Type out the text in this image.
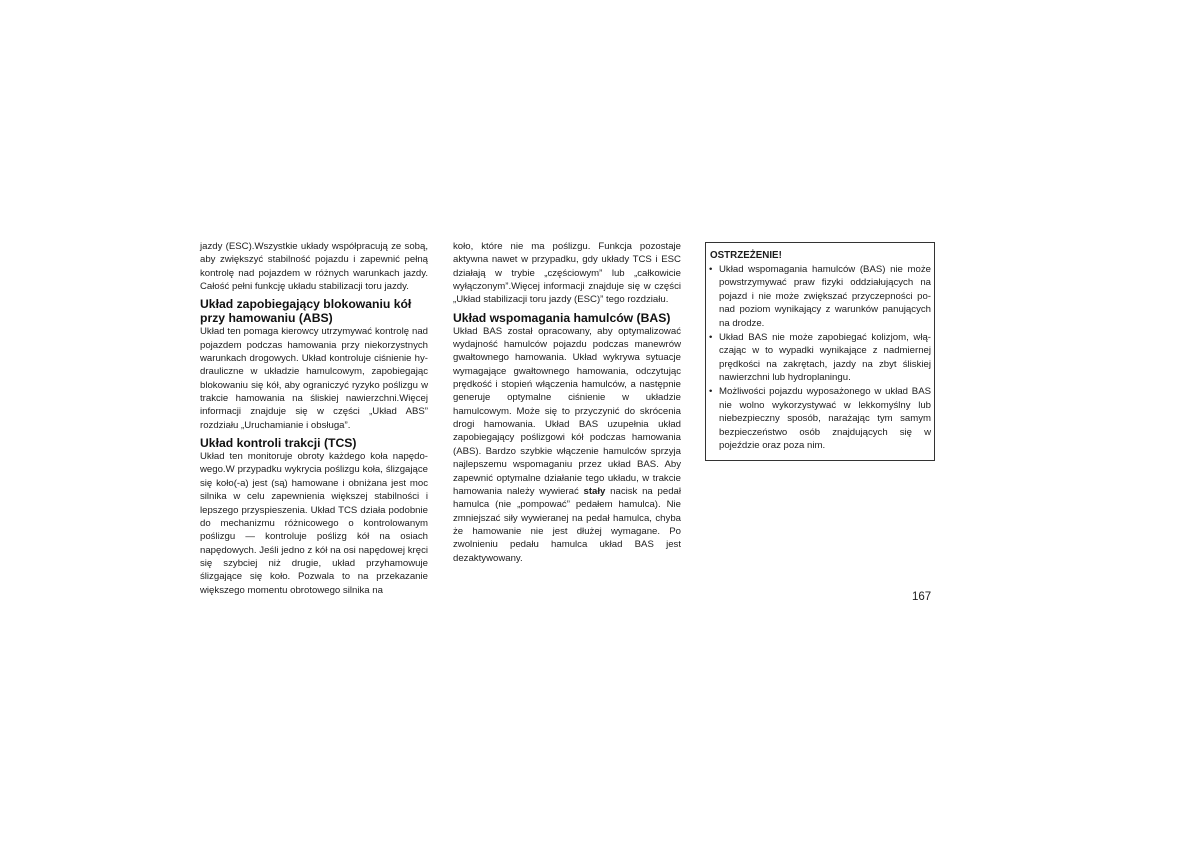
jazdy (ESC).Wszystkie układy współpracują ze sobą, aby zwiększyć stabilność pojazdu i zapewnić pełną kontrolę nad pojazdem w różnych warunkach jazdy. Całość pełni funkcję układu stabilizacji toru jazdy.

Układ zapobiegający blokowaniu kół przy hamowaniu (ABS)

Układ ten pomaga kierowcy utrzymywać kontrolę nad pojazdem podczas hamowania przy niekorzystnych warunkach drogowych. Układ kontroluje ciśnienie hydrauliczne w układzie hamulcowym, zapobiegając blokowaniu się kół, aby ograniczyć ryzyko poślizgu w trakcie hamowania na śliskiej nawierzchni.Więcej informacji znajduje się w części „Układ ABS” rozdziału „Uruchamianie i obsługa”.

Układ kontroli trakcji (TCS)

Układ ten monitoruje obroty każdego koła napędowego.W przypadku wykrycia poślizgu koła, ślizgające się koło(-a) jest (są) hamowane i obniżana jest moc silnika w celu zapewnienia większej stabilności i lepszego przyspieszenia. Układ TCS działa podobnie do mechanizmu różnicowego o kontrolowanym poślizgu — kontroluje poślizg kół na osiach napędowych. Jeśli jedno z kół na osi napędowej kręci się szybciej niż drugie, układ przyhamowuje ślizgające się koło. Pozwala to na przekazanie większego momentu obrotowego silnika na

koło, które nie ma poślizgu. Funkcja pozostaje aktywna nawet w przypadku, gdy układy TCS i ESC działają w trybie „częściowym” lub „całkowicie wyłączonym”.Więcej informacji znajduje się w części „Układ stabilizacji toru jazdy (ESC)” tego rozdziału.

Układ wspomagania hamulców (BAS)

Układ BAS został opracowany, aby optymalizować wydajność hamulców pojazdu podczas manewrów gwałtownego hamowania. Układ wykrywa sytuacje wymagające gwałtownego hamowania, odczytując prędkość i stopień włączenia hamulców, a następnie generuje optymalne ciśnienie w układzie hamulcowym. Może się to przyczynić do skrócenia drogi hamowania. Układ BAS uzupełnia układ zapobiegający poślizgowi kół podczas hamowania (ABS). Bardzo szybkie włączenie hamulców sprzyja najlepszemu wspomaganiu przez układ BAS. Aby zapewnić optymalne działanie tego układu, w trakcie hamowania należy wywierać stały nacisk na pedał hamulca (nie „pompować” pedałem hamulca). Nie zmniejszać siły wywieranej na pedał hamulca, chyba że hamowanie nie jest dłużej wymagane. Po zwolnieniu pedału hamulca układ BAS jest dezaktywowany.

OSTRZEŻENIE!
• Układ wspomagania hamulców (BAS) nie może powstrzymywać praw fizyki oddziałujących na pojazd i nie może zwiększać przyczepności ponad poziom wynikający z warunków panujących na drodze.
• Układ BAS nie może zapobiegać kolizjom, włączając w to wypadki wynikające z nadmiernej prędkości na zakrętach, jazdy na zbyt śliskiej nawierzchni lub hydroplaningu.
• Możliwości pojazdu wyposażonego w układ BAS nie wolno wykorzystywać w lekkomyślny lub niebezpieczny sposób, narażając tym samym bezpieczeństwo osób znajdujących się w pojeździe oraz poza nim.
167
